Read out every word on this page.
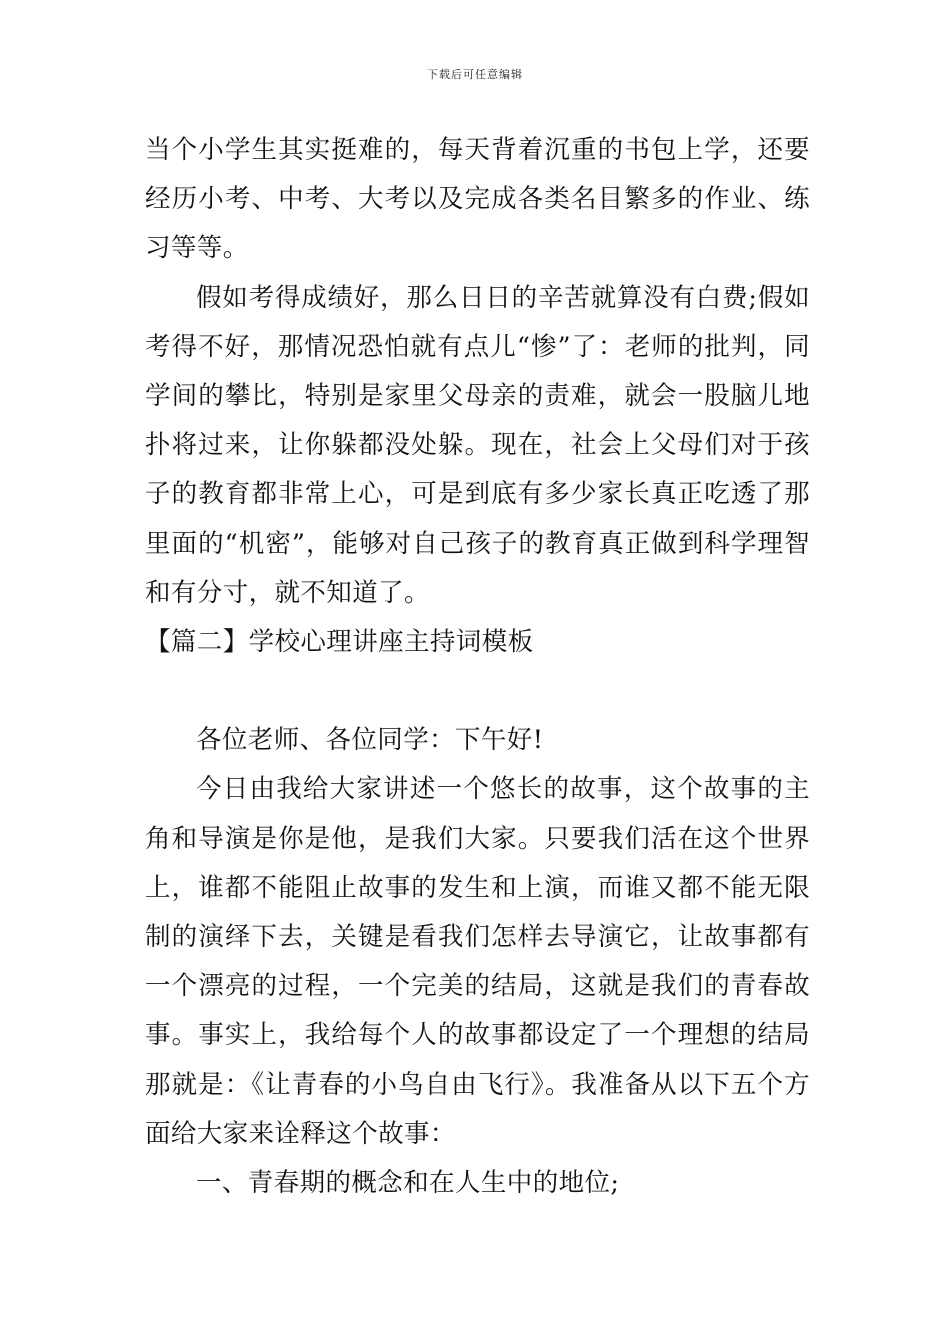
下载后可任意编辑

当个小学生其实挺难的，每天背着沉重的书包上学，还要经历小考、中考、大考以及完成各类名目繁多的作业、练习等等。

假如考得成绩好，那么日日的辛苦就算没有白费;假如考得不好，那情况恐怕就有点儿“惨”了：老师的批判，同学间的攀比，特别是家里父母亲的责难，就会一股脑儿地扑将过来，让你躲都没处躲。现在，社会上父母们对于孩子的教育都非常上心，可是到底有多少家长真正吃透了那里面的“机密”，能够对自己孩子的教育真正做到科学理智和有分寸，就不知道了。

【篇二】学校心理讲座主持词模板

各位老师、各位同学：下午好!

今日由我给大家讲述一个悠长的故事，这个故事的主角和导演是你是他，是我们大家。只要我们活在这个世界上，谁都不能阻止故事的发生和上演，而谁又都不能无限制的演绎下去，关键是看我们怎样去导演它，让故事都有一个漂亮的过程，一个完美的结局，这就是我们的青春故事。事实上，我给每个人的故事都设定了一个理想的结局那就是：《让青春的小鸟自由飞行》。我准备从以下五个方面给大家来诠释这个故事：

一、青春期的概念和在人生中的地位;
